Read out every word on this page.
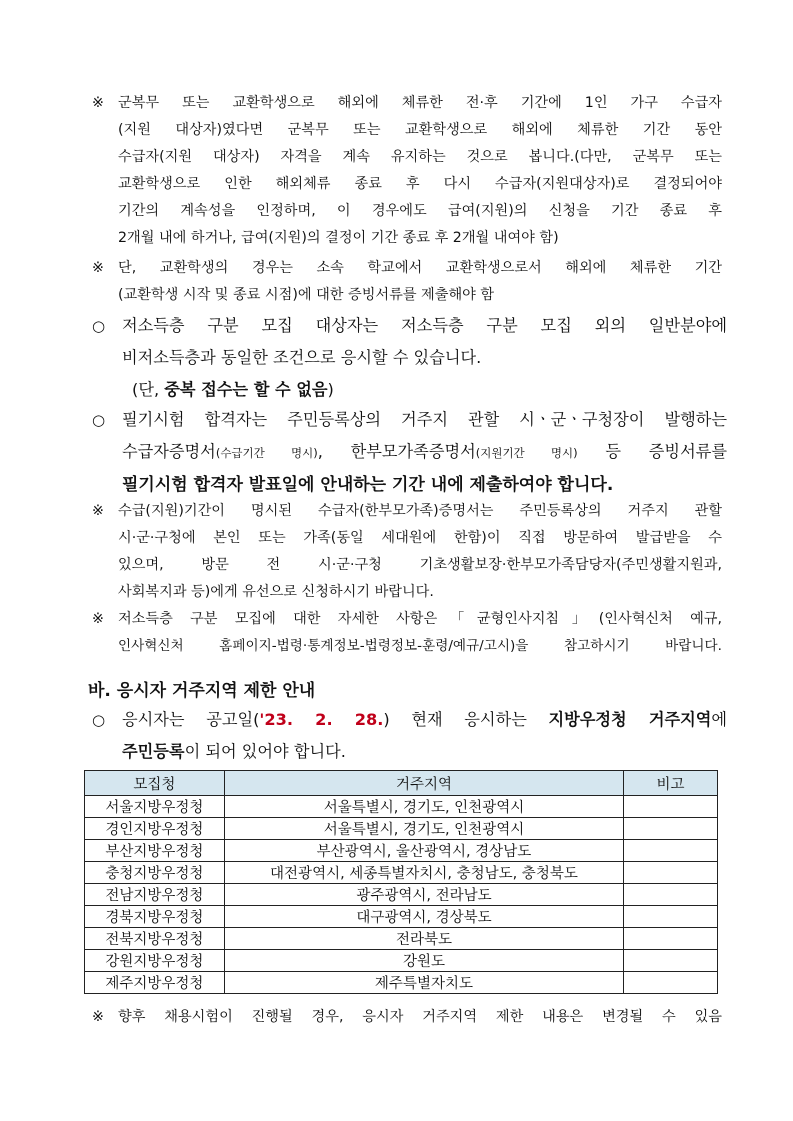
※ 군복무 또는 교환학생으로 해외에 체류한 전·후 기간에 1인 가구 수급자
(지원 대상자)였다면 군복무 또는 교환학생으로 해외에 체류한 기간 동안
수급자(지원 대상자) 자격을 계속 유지하는 것으로 봅니다.(다만, 군복무 또는
교환학생으로 인한 해외체류 종료 후 다시 수급자(지원대상자)로 결정되어야
기간의 계속성을 인정하며, 이 경우에도 급여(지원)의 신청을 기간 종료 후
2개월 내에 하거나, 급여(지원)의 결정이 기간 종료 후 2개월 내여야 함)
※ 단, 교환학생의 경우는 소속 학교에서 교환학생으로서 해외에 체류한 기간
(교환학생 시작 및 종료 시점)에 대한 증빙서류를 제출해야 함
○	저소득층 구분 모집 대상자는 저소득층 구분 모집 외의 일반분야에
비저소득층과 동일한 조건으로 응시할 수 있습니다.
(단, 중복 접수는 할 수 없음)
○	필기시험 합격자는 주민등록상의 거주지 관할 시ㆍ군ㆍ구청장이 발행하는
수급자증명서(수급기간 명시), 한부모가족증명서(지원기간 명시) 등 증빙서류를
필기시험 합격자 발표일에 안내하는 기간 내에 제출하여야 합니다.
※ 수급(지원)기간이 명시된 수급자(한부모가족)증명서는 주민등록상의 거주지 관할
시·군·구청에 본인 또는 가족(동일 세대원에 한함)이 직접 방문하여 발급받을 수
있으며, 방문 전 시·군·구청 기초생활보장·한부모가족담당자(주민생활지원과,
사회복지과 등)에게 유선으로 신청하시기 바랍니다.
※ 저소득층 구분 모집에 대한 자세한 사항은「균형인사지침」(인사혁신처 예규,
인사혁신처 홈페이지-법령·통계정보-법령정보-훈령/예규/고시)을 참고하시기 바랍니다.
바. 응시자 거주지역 제한 안내
○	응시자는 공고일('23. 2. 28.) 현재 응시하는 지방우정청 거주지역에
주민등록이 되어 있어야 합니다.
모집청	거주지역	비고
서울지방우정청	서울특별시, 경기도, 인천광역시	
경인지방우정청	서울특별시, 경기도, 인천광역시	
부산지방우정청	부산광역시, 울산광역시, 경상남도	
충청지방우정청	대전광역시, 세종특별자치시, 충청남도, 충청북도	
전남지방우정청	광주광역시, 전라남도	
경북지방우정청	대구광역시, 경상북도	
전북지방우정청	전라북도	
강원지방우정청	강원도	
제주지방우정청	제주특별자치도	
※ 향후 채용시험이 진행될 경우, 응시자 거주지역 제한 내용은 변경될 수 있음
